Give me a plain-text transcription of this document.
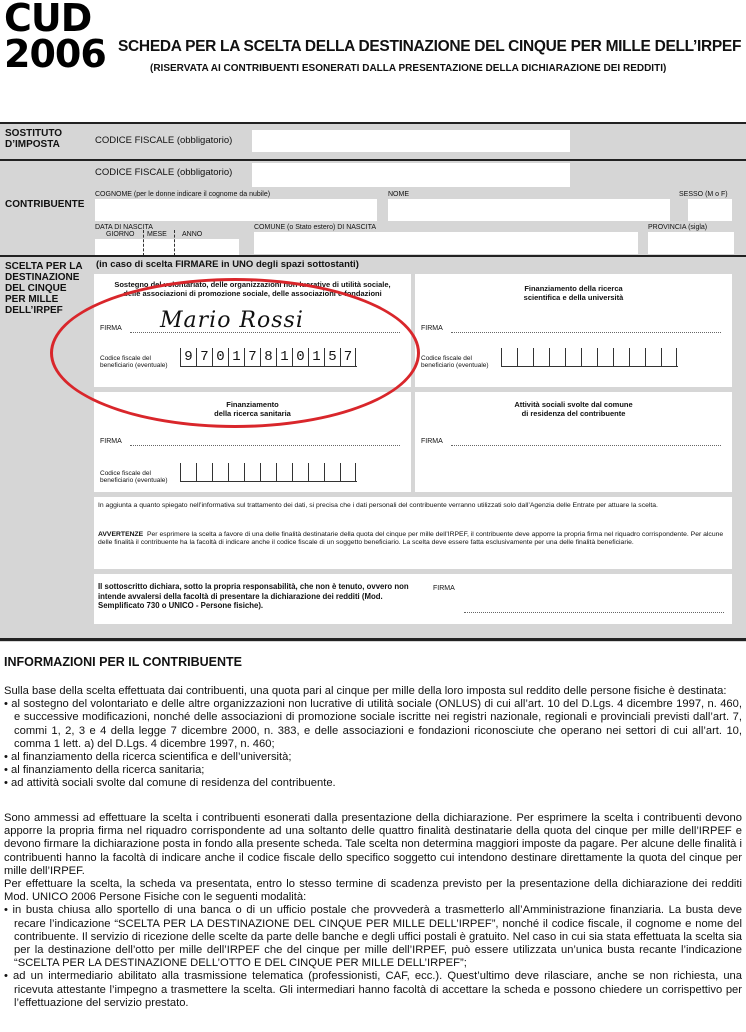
CUD
2006 SCHEDA PER LA SCELTA DELLA DESTINAZIONE DEL CINQUE PER MILLE DELL’IRPEF
(RISERVATA AI CONTRIBUENTI ESONERATI DALLA PRESENTAZIONE DELLA DICHIARAZIONE DEI REDDITI)
SOSTITUTO
D’IMPOSTA	CODICE FISCALE (obbligatorio)
CODICE FISCALE (obbligatorio)
CONTRIBUENTE
COGNOME (per le donne indicare il cognome da nubile)	NOME	SESSO (M o F)
DATA DI NASCITA
GIORNO MESE ANNO
COMUNE (o Stato estero) DI NASCITA	PROVINCIA (sigla)
SCELTA PER LA
DESTINAZIONE
DEL CINQUE
PER MILLE
DELL’IRPEF
(in caso di scelta FIRMARE in UNO degli spazi sottostanti)
Sostegno del volontariato, delle organizzazioni non lucrative di utilità sociale,
delle associazioni di promozione sociale, delle associazioni e fondazioni
FIRMA
Codice fiscale del
beneficiario (eventuale)
9 7 0 1 7 8 1 0 1 5 7
Mario Rossi
Finanziamento della ricerca
scientifica e della università
FIRMA
Codice fiscale del
beneficiario (eventuale)
Finanziamento
della ricerca sanitaria
FIRMA
Codice fiscale del
beneficiario (eventuale)
Attività sociali svolte dal comune
di residenza del contribuente
FIRMA
In aggiunta a quanto spiegato nell’informativa sul trattamento dei dati, si precisa che i dati personali del contribuente verranno utilizzati solo dall’Agenzia delle Entrate per attuare la scelta.
AVVERTENZE Per esprimere la scelta a favore di una delle finalità destinatarie della quota del cinque per mille dell’IRPEF, il contribuente deve apporre la propria firma nel riquadro corrispondente. Per alcune delle finalità il contribuente ha la facoltà di indicare anche il codice fiscale di un soggetto beneficiario. La scelta deve essere fatta esclusivamente per una delle finalità beneficiarie.
Il sottoscritto dichiara, sotto la propria responsabilità, che non è tenuto, ovvero non intende avvalersi della facoltà di presentare la dichiarazione dei redditi (Mod. Semplificato 730 o UNICO - Persone fisiche).
FIRMA
INFORMAZIONI PER IL CONTRIBUENTE

Sulla base della scelta effettuata dai contribuenti, una quota pari al cinque per mille della loro imposta sul reddito delle persone fisiche è destinata:

• al sostegno del volontariato e delle altre organizzazioni non lucrative di utilità sociale (ONLUS) di cui all’art. 10 del D.Lgs. 4 dicembre 1997, n. 460, e successive modificazioni, nonché delle associazioni di promozione sociale iscritte nei registri nazionale, regionali e provinciali previsti dall’art. 7, commi 1, 2, 3 e 4 della legge 7 dicembre 2000, n. 383, e delle associazioni e fondazioni riconosciute che operano nei settori di cui all’art. 10, comma 1 lett. a) del D.Lgs. 4 dicembre 1997, n. 460;

• al finanziamento della ricerca scientifica e dell’università;

• al finanziamento della ricerca sanitaria;

• ad attività sociali svolte dal comune di residenza del contribuente.

Sono ammessi ad effettuare la scelta i contribuenti esonerati dalla presentazione della dichiarazione. Per esprimere la scelta i contribuenti devono apporre la propria firma nel riquadro corrispondente ad una soltanto delle quattro finalità destinatarie della quota del cinque per mille dell’IRPEF e devono firmare la dichiarazione posta in fondo alla presente scheda. Tale scelta non determina maggiori imposte da pagare. Per alcune delle finalità i contribuenti hanno la facoltà di indicare anche il codice fiscale dello specifico soggetto cui intendono destinare direttamente la quota del cinque per mille dell’IRPEF.

Per effettuare la scelta, la scheda va presentata, entro lo stesso termine di scadenza previsto per la presentazione della dichiarazione dei redditi Mod. UNICO 2006 Persone Fisiche con le seguenti modalità:

• in busta chiusa allo sportello di una banca o di un ufficio postale che provvederà a trasmetterlo all’Amministrazione finanziaria. La busta deve recare l’indicazione “SCELTA PER LA DESTINAZIONE DEL CINQUE PER MILLE DELL’IRPEF”, nonché il codice fiscale, il cognome e nome del contribuente. Il servizio di ricezione delle scelte da parte delle banche e degli uffici postali è gratuito. Nel caso in cui sia stata effettuata la scelta sia per la destinazione dell’otto per mille dell’IRPEF che del cinque per mille dell’IRPEF, può essere utilizzata un’unica busta recante l’indicazione “SCELTA PER LA DESTINAZIONE DELL’OTTO E DEL CINQUE PER MILLE DELL’IRPEF”;

• ad un intermediario abilitato alla trasmissione telematica (professionisti, CAF, ecc.). Quest’ultimo deve rilasciare, anche se non richiesta, una ricevuta attestante l’impegno a trasmettere la scelta. Gli intermediari hanno facoltà di accettare la scheda e possono chiedere un corrispettivo per l’effettuazione del servizio prestato.
